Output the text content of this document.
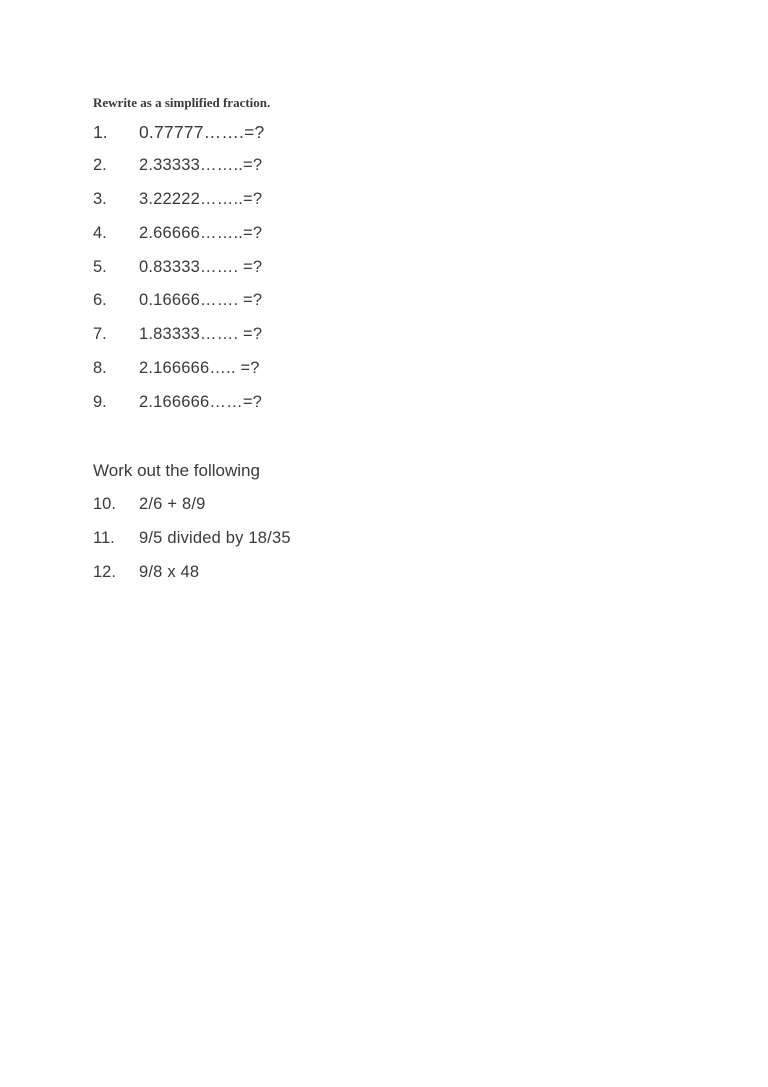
Rewrite as a simplified fraction.
1.	0.77777…….=?
2.	2.33333……..=?
3.	3.22222……..=?
4.	2.66666……..=?
5.	0.83333……. =?
6.	0.16666……. =?
7.	1.83333……. =?
8.	2.166666….. =?
9.	2.166666……=?
Work out the following
10.	2/6 + 8/9
11.	9/5 divided by 18/35
12.	9/8 x 48
